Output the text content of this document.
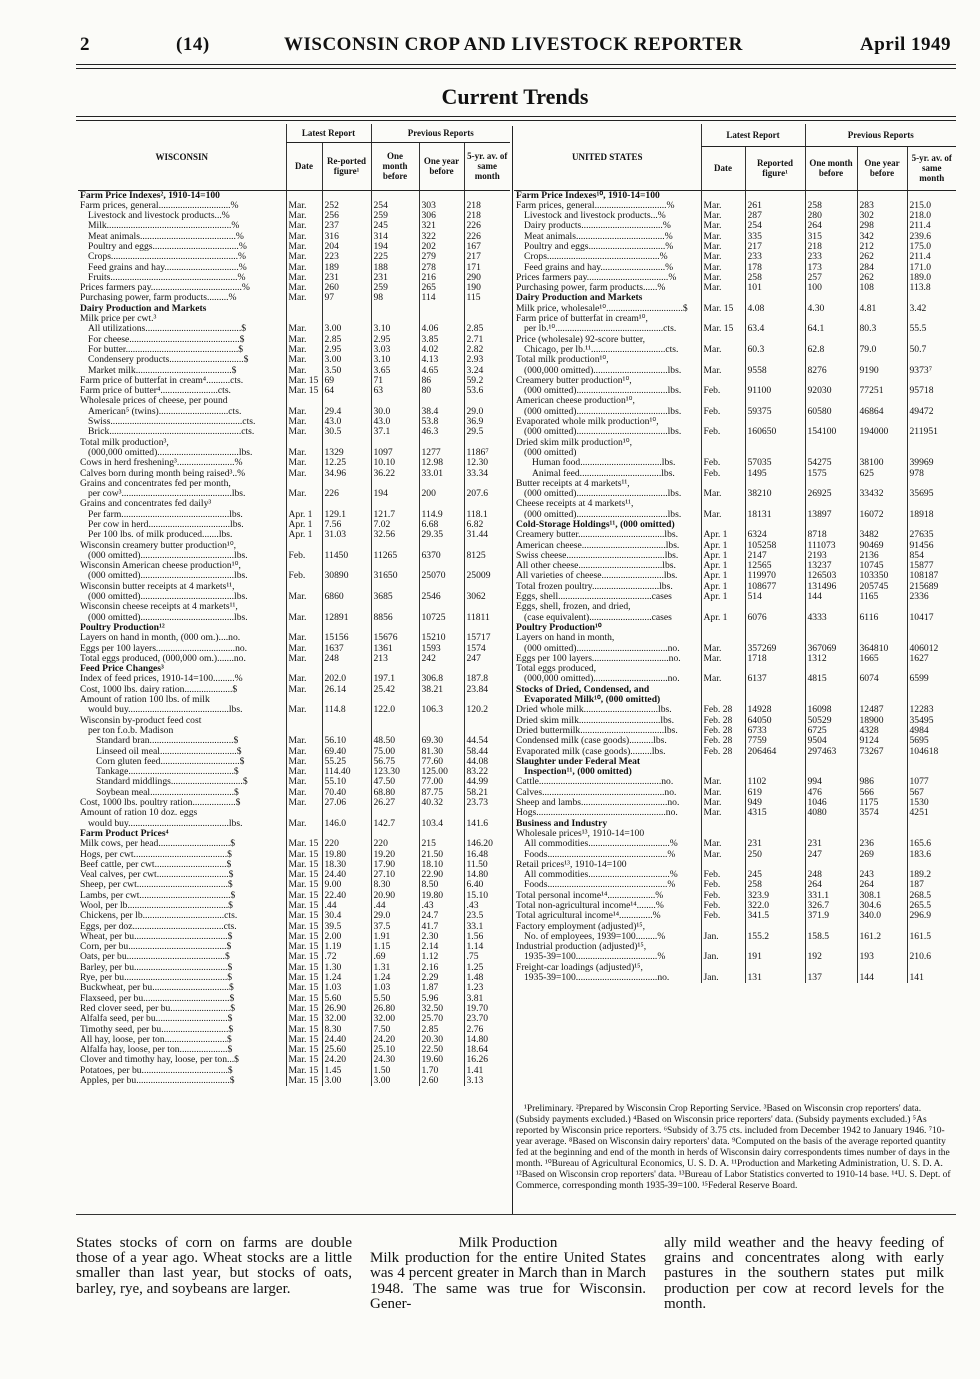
2	(14)	WISCONSIN CROP AND LIVESTOCK REPORTER	April 1949
Current Trends
WISCONSIN	Latest Report		Previous Reports		
	Date	Re-ported figure¹	One month before	One year before	5-yr. av. of same month
Farm Price Indexes², 1910-14=100					
Farm prices, general..............................%	Mar.	252	254	303	218
Livestock and livestock products...%	Mar.	256	259	306	218
Milk....................................................%	Mar.	237	245	321	226
Meat animals........................................%	Mar.	316	314	322	226
Poultry and eggs....................................%	Mar.	204	194	202	167
Crops.....................................................%	Mar.	223	225	279	217
Feed grains and hay...............................%	Mar.	189	188	278	171
Fruits.....................................................%	Mar.	231	231	216	290
Prices farmers pay......................................%	Mar.	260	259	265	190
Purchasing power, farm products.........%	Mar.	97	98	114	115
Dairy Production and Markets					
Milk price per cwt.³					
All utilizations........................................$	Mar.	3.00	3.10	4.06	2.85
For cheese..............................................$	Mar.	2.85	2.95	3.85	2.71
For butter...............................................$	Mar.	2.95	3.03	4.02	2.82
Condensery products...............................$	Mar.	3.00	3.10	4.13	2.93
Market milk........................................$	Mar.	3.50	3.65	4.65	3.24
Farm price of butterfat in cream⁴..........cts.	Mar. 15	69	71	86	59.2
Farm price of butter⁴........................cts.	Mar. 15	64	63	80	53.6
Wholesale prices of cheese, per pound					
American⁵ (twins).............................cts.	Mar.	29.4	30.0	38.4	29.0
Swiss.......................................................cts.	Mar.	43.0	43.0	53.8	36.9
Brick.......................................................cts.	Mar.	30.5	37.1	46.3	29.5
Total milk production³,					
(000,000 omitted)..................................lbs.	Mar.	1329	1097	1277	1186⁷
Cows in herd freshening³........................%	Mar.	12.25	10.10	12.98	12.30
Calves born during month being raised³..%	Mar.	34.96	36.22	33.01	33.34
Grains and concentrates fed per month,					
per cow³..............................................lbs.	Mar.	226	194	200	207.6
Grains and concentrates fed daily³					
Per farm.............................................lbs.	Apr. 1	129.1	121.7	114.9	118.1
Per cow in herd..................................lbs.	Apr. 1	7.56	7.02	6.68	6.82
Per 100 lbs. of milk produced.......lbs.	Apr. 1	31.03	32.56	29.35	31.44
Wisconsin creamery butter production¹⁰,					
(000 omitted).......................................lbs.	Feb.	11450	11265	6370	8125
Wisconsin American cheese production¹⁰,					
(000 omitted).......................................lbs.	Feb.	30890	31650	25070	25009
Wisconsin butter receipts at 4 markets¹¹,					
(000 omitted).......................................lbs.	Mar.	6860	3685	2546	3062
Wisconsin cheese receipts at 4 markets¹¹,					
(000 omitted).......................................lbs.	Mar.	12891	8856	10725	11811
Poultry Production¹²					
Layers on hand in month, (000 om.)....no.	Mar.	15156	15676	15210	15717
Eggs per 100 layers.................................no.	Mar.	1637	1361	1593	1574
Total eggs produced, (000,000 om.).......no.	Mar.	248	213	242	247
Feed Price Changes³					
Index of feed prices, 1910-14=100.........%	Mar.	202.0	197.1	306.8	187.8
Cost, 1000 lbs. dairy ration....................$	Mar.	26.14	25.42	38.21	23.84
Amount of ration 100 lbs. of milk					
would buy..........................................lbs.	Mar.	114.8	122.0	106.3	120.2
Wisconsin by-product feed cost					
per ton f.o.b. Madison					
Standard bran...................................$	Mar.	56.10	48.50	69.30	44.54
Linseed oil meal................................$	Mar.	69.40	75.00	81.30	58.44
Corn gluten feed.................................$	Mar.	55.25	56.75	77.60	44.08
Tankage............................................$	Mar.	114.40	123.30	125.00	83.22
Standard middlings..............................$	Mar.	55.10	47.50	77.00	44.99
Soybean meal...................................$	Mar.	70.40	68.80	87.75	58.21
Cost, 1000 lbs. poultry ration..................$	Mar.	27.06	26.27	40.32	23.73
Amount of ration 10 doz. eggs					
would buy..........................................lbs.	Mar.	146.0	142.7	103.4	141.6
Farm Product Prices⁴					
Milk cows, per head..............................$	Mar. 15	220	220	215	146.20
Hogs, per cwt.......................................$	Mar. 15	19.80	19.20	21.50	16.48
Beef cattle, per cwt..............................$	Mar. 15	18.30	17.90	18.10	11.50
Veal calves, per cwt..............................$	Mar. 15	24.40	27.10	22.90	14.80
Sheep, per cwt......................................$	Mar. 15	9.00	8.30	8.50	6.40
Lambs, per cwt......................................$	Mar. 15	22.40	20.90	19.80	15.10
Wool, per lb..........................................$	Mar. 15	.44	.44	.43	.43
Chickens, per lb..................................cts.	Mar. 15	30.4	29.0	24.7	23.5
Eggs, per doz......................................cts.	Mar. 15	39.5	37.5	41.7	33.1
Wheat, per bu.......................................$	Mar. 15	2.00	1.91	2.30	1.56
Corn, per bu.........................................$	Mar. 15	1.19	1.15	2.14	1.14
Oats, per bu.........................................$	Mar. 15	.72	.69	1.12	.75
Barley, per bu.......................................$	Mar. 15	1.30	1.31	2.16	1.25
Rye, per bu...........................................$	Mar. 15	1.24	1.24	2.29	1.48
Buckwheat, per bu................................$	Mar. 15	1.03	1.03	1.87	1.23
Flaxseed, per bu....................................$	Mar. 15	5.60	5.50	5.96	3.81
Red clover seed, per bu.........................$	Mar. 15	26.90	26.80	32.50	19.70
Alfalfa seed, per bu..............................$	Mar. 15	32.00	32.00	25.70	23.70
Timothy seed, per bu............................$	Mar. 15	8.30	7.50	2.85	2.76
All hay, loose, per ton..........................$	Mar. 15	24.40	24.20	20.30	14.80
Alfalfa hay, loose, per ton....................$	Mar. 15	25.60	25.10	22.50	18.64
Clover and timothy hay, loose, per ton...$	Mar. 15	24.20	24.30	19.60	16.26
Potatoes, per bu....................................$	Mar. 15	1.45	1.50	1.70	1.41
Apples, per bu.......................................$	Mar. 15	3.00	3.00	2.60	3.13
UNITED STATES	Latest Report		Previous Reports		
	Date	Reported figure¹	One month before	One year before	5-yr. av. of same month
Farm Price Indexes¹⁰, 1910-14=100					
Farm prices, general..............................%	Mar.	261	258	283	215.0
Livestock and livestock products...%	Mar.	287	280	302	218.0
Dairy products..................................%	Mar.	254	264	298	211.4
Meat animals.....................................%	Mar.	335	315	342	239.6
Poultry and eggs................................%	Mar.	217	218	212	175.0
Crops...............................................%	Mar.	233	233	262	211.4
Feed grains and hay...........................%	Mar.	178	173	284	171.0
Prices farmers pay..................................%	Mar.	258	257	262	189.0
Purchasing power, farm products......%	Mar.	101	100	108	113.8
Dairy Production and Markets					
Milk price, wholesale¹⁰................................$	Mar. 15	4.08	4.30	4.81	3.42
Farm price of butterfat in cream¹⁰,					
per lb.¹⁰.............................................cts.	Mar. 15	63.4	64.1	80.3	55.5
Price (wholesale) 92-score butter,					
Chicago, per lb.¹¹...............................cts.	Mar.	60.3	62.8	79.0	50.7
Total milk production¹⁰,					
(000,000 omitted)...............................lbs.	Mar.	9558	8276	9190	9373⁷
Creamery butter production¹⁰,					
(000 omitted)......................................lbs.	Feb.	91100	92030	77251	95718
American cheese production¹⁰,					
(000 omitted)......................................lbs.	Feb.	59375	60580	46864	49472
Evaporated whole milk production¹⁰,					
(000 omitted)......................................lbs.	Feb.	160650	154100	194000	211951
Dried skim milk production¹⁰,					
(000 omitted)					
Human food..................................lbs.	Feb.	57035	54275	38100	39969
Animal feed..................................lbs.	Feb.	1495	1575	625	978
Butter receipts at 4 markets¹¹,					
(000 omitted)......................................lbs.	Mar.	38210	26925	33432	35695
Cheese receipts at 4 markets¹¹,					
(000 omitted)......................................lbs.	Mar.	18131	13897	16072	18918
Cold-Storage Holdings¹¹, (000 omitted)					
Creamery butter....................................lbs.	Apr. 1	6324	8718	3482	27635
American cheese...................................lbs.	Apr. 1	105258	111073	90469	91456
Swiss cheese.........................................lbs.	Apr. 1	2147	2193	2136	854
All other cheese...................................lbs.	Apr. 1	12565	13237	10745	15877
All varieties of cheese..........................lbs.	Apr. 1	119970	126503	103350	108187
Total frozen poultry............................lbs.	Apr. 1	108677	131496	205745	215689
Eggs, shell.......................................cases	Apr. 1	514	144	1165	2336
Eggs, shell, frozen, and dried,					
(case equivalent)..........................cases	Apr. 1	6076	4333	6116	10417
Poultry Production¹⁰					
Layers on hand in month,					
(000 omitted)......................................no.	Mar.	357269	367069	364810	406012
Eggs per 100 layers................................no.	Mar.	1718	1312	1665	1627
Total eggs produced,					
(000,000 omitted)...............................no.	Mar.	6137	4815	6074	6599
Stocks of Dried, Condensed, and					
Evaporated Milk¹⁰, (000 omitted)					
Dried whole milk...............................lbs.	Feb. 28	14928	16098	12487	12283
Dried skim milk..................................lbs.	Feb. 28	64050	50529	18900	35495
Dried buttermilk...................................lbs.	Feb. 28	6733	6725	4328	4984
Condensed milk (case goods)..........lbs.	Feb. 28	7759	9504	9124	5695
Evaporated milk (case goods).........lbs.	Feb. 28	206464	297463	73267	104618
Slaughter under Federal Meat					
Inspection¹¹, (000 omitted)					
Cattle...................................................no.	Mar.	1102	994	986	1077
Calves...................................................no.	Mar.	619	476	566	567
Sheep and lambs....................................no.	Mar.	949	1046	1175	1530
Hogs......................................................no.	Mar.	4315	4080	3574	4251
Business and Industry					
Wholesale prices¹³, 1910-14=100					
All commodities..................................%	Mar.	231	231	236	165.6
Foods..................................................%	Mar.	250	247	269	183.6
Retail prices¹³, 1910-14=100					
All commodities..................................%	Feb.	245	248	243	189.2
Foods..................................................%	Feb.	258	264	264	187
Total personal income¹⁴....................%	Feb.	323.9	331.1	308.1	268.5
Total non-agricultural income¹⁴........%	Feb.	322.0	326.7	304.6	265.5
Total agricultural income¹⁴..............%	Feb.	341.5	371.9	340.0	296.9
Factory employment (adjusted)¹⁵,					
No. of employees, 1939=100.........%	Jan.	155.2	158.5	161.2	161.5
Industrial production (adjusted)¹⁵,					
1935-39=100..................................%	Jan.	191	192	193	210.6
Freight-car loadings (adjusted)¹⁵,					
1935-39=100..................................no.	Jan.	131	137	144	141
¹Preliminary. ²Prepared by Wisconsin Crop Reporting Service. ³Based on Wisconsin crop reporters' data. (Subsidy payments excluded.) ⁴Based on Wisconsin price reporters' data. (Subsidy payments excluded.) ⁵As reported by Wisconsin price reporters. ⁶Subsidy of 3.75 cts. included from December 1942 to January 1946. ⁷10-year average. ⁸Based on Wisconsin dairy reporters' data. ⁹Computed on the basis of the average reported quantity fed at the beginning and end of the month in herds of Wisconsin dairy correspondents times number of days in the month. ¹⁰Bureau of Agricultural Economics, U. S. D. A. ¹¹Production and Marketing Administration, U. S. D. A. ¹²Based on Wisconsin crop reporters' data. ¹³Bureau of Labor Statistics converted to 1910-14 base. ¹⁴U. S. Dept. of Commerce, corresponding month 1935-39=100. ¹⁵Federal Reserve Board.
States stocks of corn on farms are double those of a year ago. Wheat stocks are a little smaller than last year, but stocks of oats, barley, rye, and soybeans are larger.
Milk Production
Milk production for the entire United States was 4 percent greater in March than in March 1948. The same was true for Wisconsin. Gener-
ally mild weather and the heavy feeding of grains and concentrates along with early pastures in the southern states put milk production per cow at record levels for the month.
